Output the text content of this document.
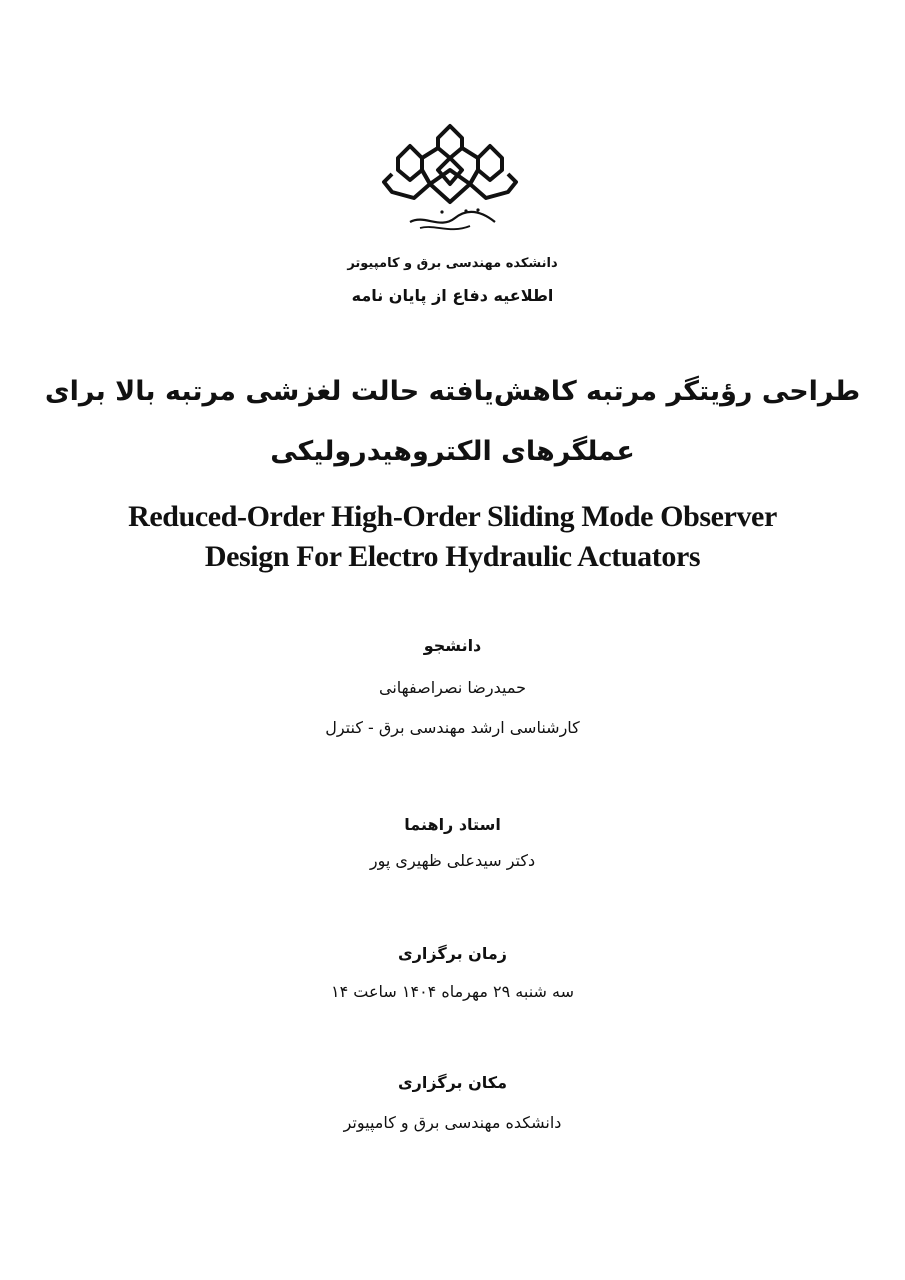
دانشکده مهندسی برق و کامپیوتر
اطلاعیه دفاع از پایان نامه
طراحی رؤیتگر مرتبه کاهش‌یافته حالت لغزشی مرتبه بالا برای
عملگرهای الکتروهیدرولیکی
Reduced-Order High-Order Sliding Mode Observer
Design For Electro Hydraulic Actuators
دانشجو
حمیدرضا نصراصفهانی
کارشناسی ارشد مهندسی برق - کنترل
استاد راهنما
دکتر سیدعلی ظهیری پور
زمان برگزاری
سه شنبه ۲۹ مهرماه ۱۴۰۴ ساعت ۱۴
مکان برگزاری
دانشکده مهندسی برق و کامپیوتر
